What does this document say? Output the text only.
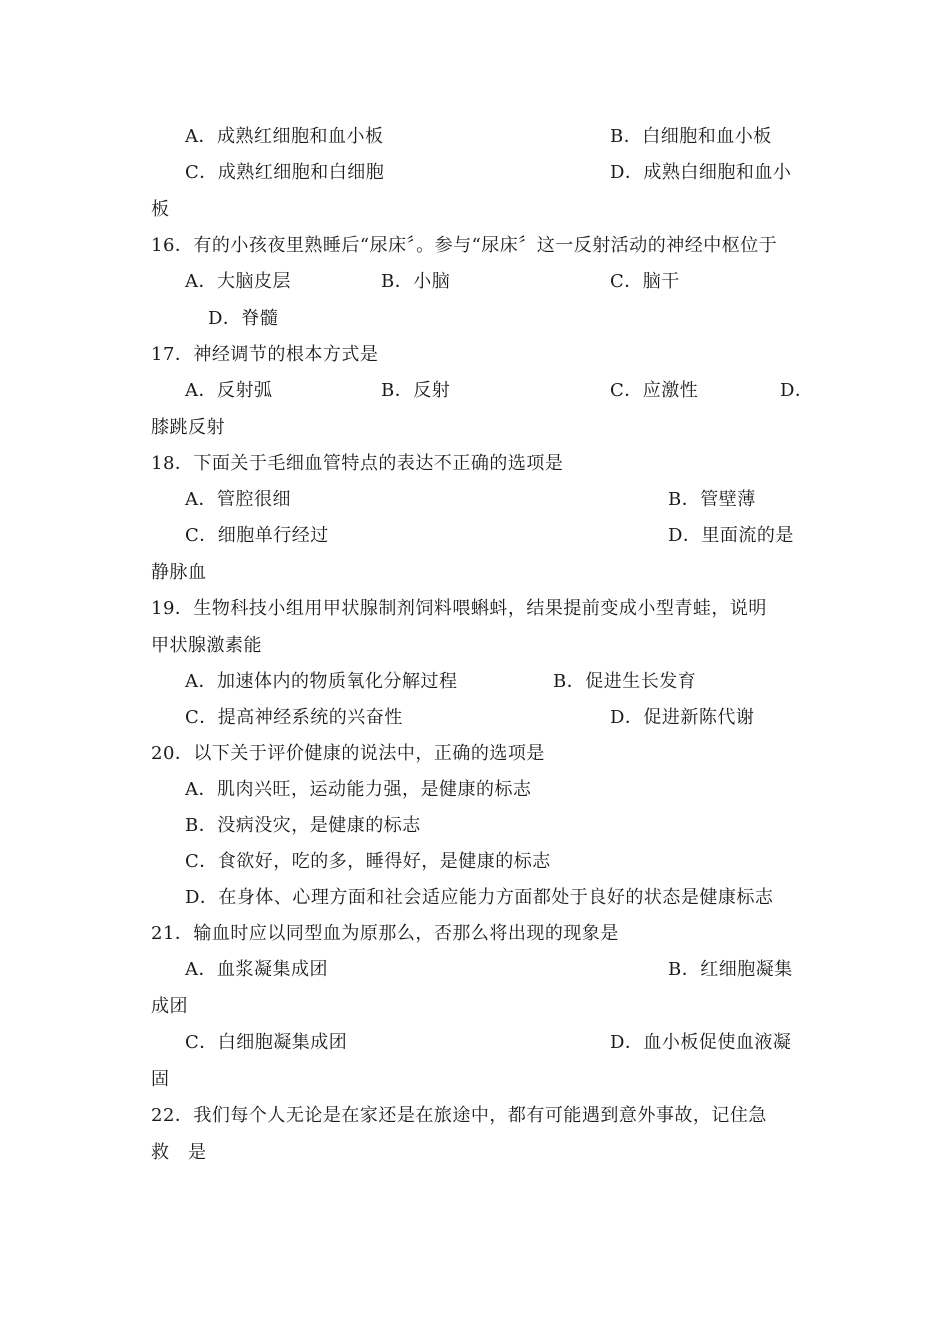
A．成熟红细胞和血小板	B．白细胞和血小板
C．成熟红细胞和白细胞	D．成熟白细胞和血小
板
16．有的小孩夜里熟睡后“尿床〞。参与“尿床〞这一反射活动的神经中枢位于
A．大脑皮层	B．小脑	C．脑干
D．脊髓
17．神经调节的根本方式是
A．反射弧	B．反射	C．应激性	D．
膝跳反射
18．下面关于毛细血管特点的表达不正确的选项是
A．管腔很细	B．管壁薄
C．细胞单行经过	D．里面流的是
静脉血
19．生物科技小组用甲状腺制剂饲料喂蝌蚪，结果提前变成小型青蛙，说明
甲状腺激素能
A．加速体内的物质氧化分解过程	B．促进生长发育
C．提高神经系统的兴奋性	D．促进新陈代谢
20．以下关于评价健康的说法中，正确的选项是
A．肌肉兴旺，运动能力强，是健康的标志
B．没病没灾，是健康的标志
C．食欲好，吃的多，睡得好，是健康的标志
D．在身体、心理方面和社会适应能力方面都处于良好的状态是健康标志
21．输血时应以同型血为原那么，否那么将出现的现象是
A．血浆凝集成团	B．红细胞凝集
成团
C．白细胞凝集成团	D．血小板促使血液凝
固
22．我们每个人无论是在家还是在旅途中，都有可能遇到意外事故，记住急
救　是
